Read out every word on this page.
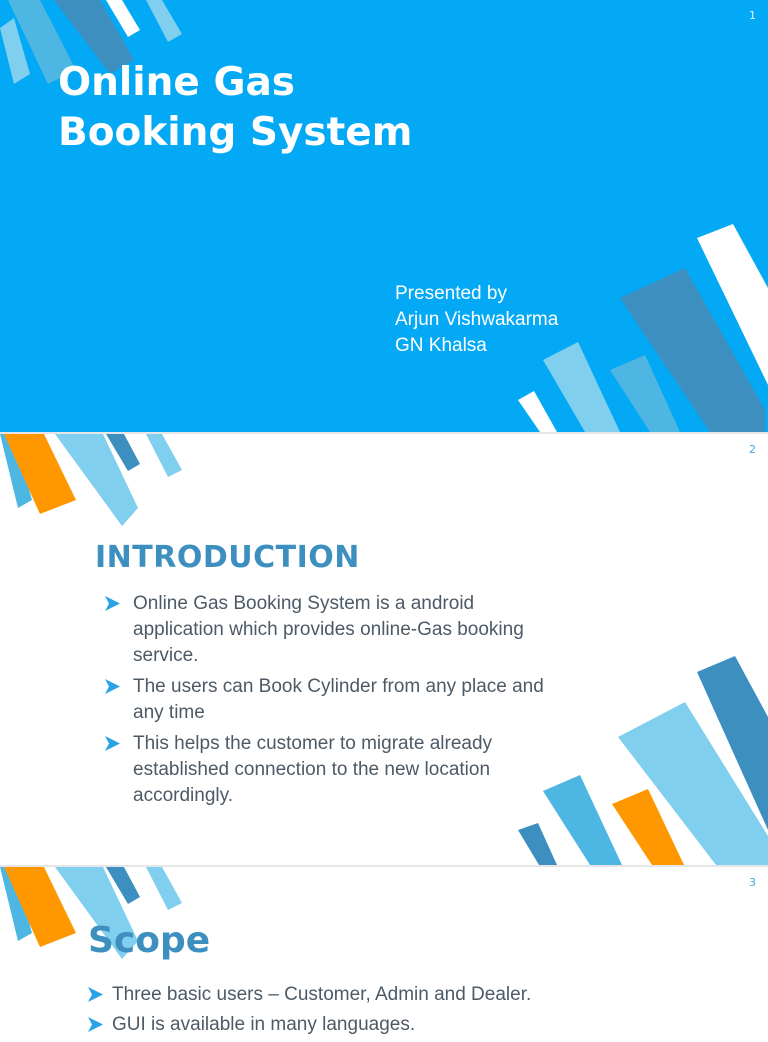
1
Online Gas
Booking System
Presented by
Arjun Vishwakarma
GN Khalsa
2
INTRODUCTION
Online Gas Booking System is a android application which provides online-Gas booking service.
The users can Book Cylinder from any place and any time
This helps the customer to migrate already established connection to the new location accordingly.
3
Scope
Three basic users – Customer, Admin and Dealer.
GUI is available in many languages.
